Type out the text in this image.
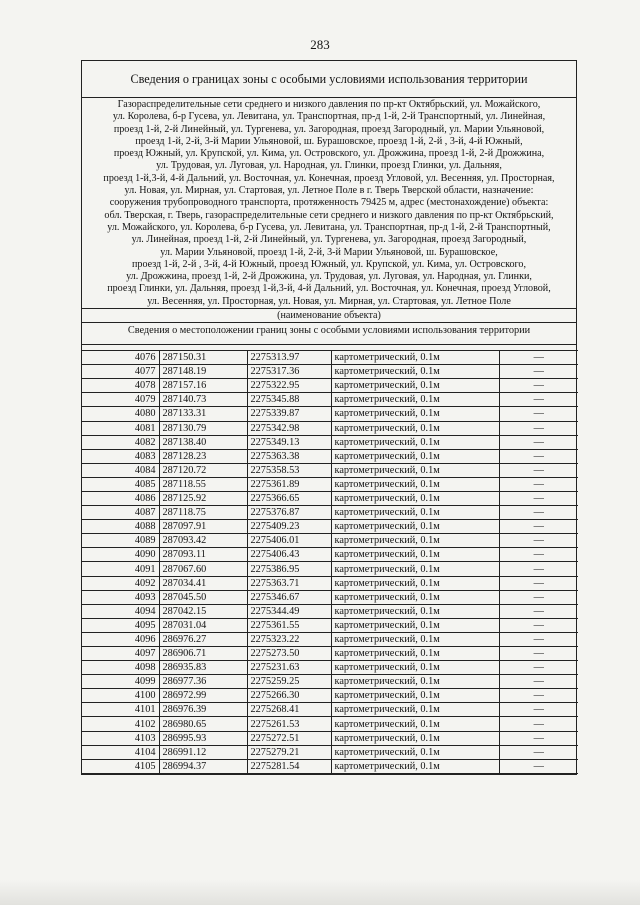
283
Сведения о границах зоны с особыми условиями использования территории
Газораспределительные сети среднего и низкого давления по пр-кт Октябрьский, ул. Можайского,
ул. Королева, б-р Гусева, ул. Левитана, ул. Транспортная, пр-д 1-й, 2-й Транспортный, ул. Линейная,
проезд 1-й, 2-й Линейный, ул. Тургенева, ул. Загородная, проезд Загородный, ул. Марии Ульяновой,
проезд 1-й, 2-й, 3-й Марии Ульяновой, ш. Бурашовское, проезд 1-й, 2-й , 3-й, 4-й Южный,
проезд Южный, ул. Крупской, ул. Кима, ул. Островского, ул. Дрожжина, проезд 1-й, 2-й Дрожжина,
ул. Трудовая, ул. Луговая, ул. Народная, ул. Глинки, проезд Глинки, ул. Дальняя,
проезд 1-й,3-й, 4-й Дальний, ул. Восточная, ул. Конечная, проезд Угловой, ул. Весенняя, ул. Просторная,
ул. Новая, ул. Мирная, ул. Стартовая, ул. Летное Поле в г. Тверь Тверской области, назначение:
сооружения трубопроводного транспорта, протяженность 79425 м, адрес (местонахождение) объекта:
обл. Тверская, г. Тверь, газораспределительные сети среднего и низкого давления по пр-кт Октябрьский,
ул. Можайского, ул. Королева, б-р Гусева, ул. Левитана, ул. Транспортная, пр-д 1-й, 2-й Транспортный,
ул. Линейная, проезд 1-й, 2-й Линейный, ул. Тургенева, ул. Загородная, проезд Загородный,
ул. Марии Ульяновой, проезд 1-й, 2-й, 3-й Марии Ульяновой, ш. Бурашовское,
проезд 1-й, 2-й , 3-й, 4-й Южный, проезд Южный, ул. Крупской, ул. Кима, ул. Островского,
ул. Дрожжина, проезд 1-й, 2-й Дрожжина, ул. Трудовая, ул. Луговая, ул. Народная, ул. Глинки,
проезд Глинки, ул. Дальняя, проезд 1-й,3-й, 4-й Дальний, ул. Восточная, ул. Конечная, проезд Угловой,
ул. Весенняя, ул. Просторная, ул. Новая, ул. Мирная, ул. Стартовая, ул. Летное Поле
(наименование объекта)
Сведения о местоположении границ зоны с особыми условиями использования территории
4076	287150.31	2275313.97	картометрический, 0.1м	—
4077	287148.19	2275317.36	картометрический, 0.1м	—
4078	287157.16	2275322.95	картометрический, 0.1м	—
4079	287140.73	2275345.88	картометрический, 0.1м	—
4080	287133.31	2275339.87	картометрический, 0.1м	—
4081	287130.79	2275342.98	картометрический, 0.1м	—
4082	287138.40	2275349.13	картометрический, 0.1м	—
4083	287128.23	2275363.38	картометрический, 0.1м	—
4084	287120.72	2275358.53	картометрический, 0.1м	—
4085	287118.55	2275361.89	картометрический, 0.1м	—
4086	287125.92	2275366.65	картометрический, 0.1м	—
4087	287118.75	2275376.87	картометрический, 0.1м	—
4088	287097.91	2275409.23	картометрический, 0.1м	—
4089	287093.42	2275406.01	картометрический, 0.1м	—
4090	287093.11	2275406.43	картометрический, 0.1м	—
4091	287067.60	2275386.95	картометрический, 0.1м	—
4092	287034.41	2275363.71	картометрический, 0.1м	—
4093	287045.50	2275346.67	картометрический, 0.1м	—
4094	287042.15	2275344.49	картометрический, 0.1м	—
4095	287031.04	2275361.55	картометрический, 0.1м	—
4096	286976.27	2275323.22	картометрический, 0.1м	—
4097	286906.71	2275273.50	картометрический, 0.1м	—
4098	286935.83	2275231.63	картометрический, 0.1м	—
4099	286977.36	2275259.25	картометрический, 0.1м	—
4100	286972.99	2275266.30	картометрический, 0.1м	—
4101	286976.39	2275268.41	картометрический, 0.1м	—
4102	286980.65	2275261.53	картометрический, 0.1м	—
4103	286995.93	2275272.51	картометрический, 0.1м	—
4104	286991.12	2275279.21	картометрический, 0.1м	—
4105	286994.37	2275281.54	картометрический, 0.1м	—
